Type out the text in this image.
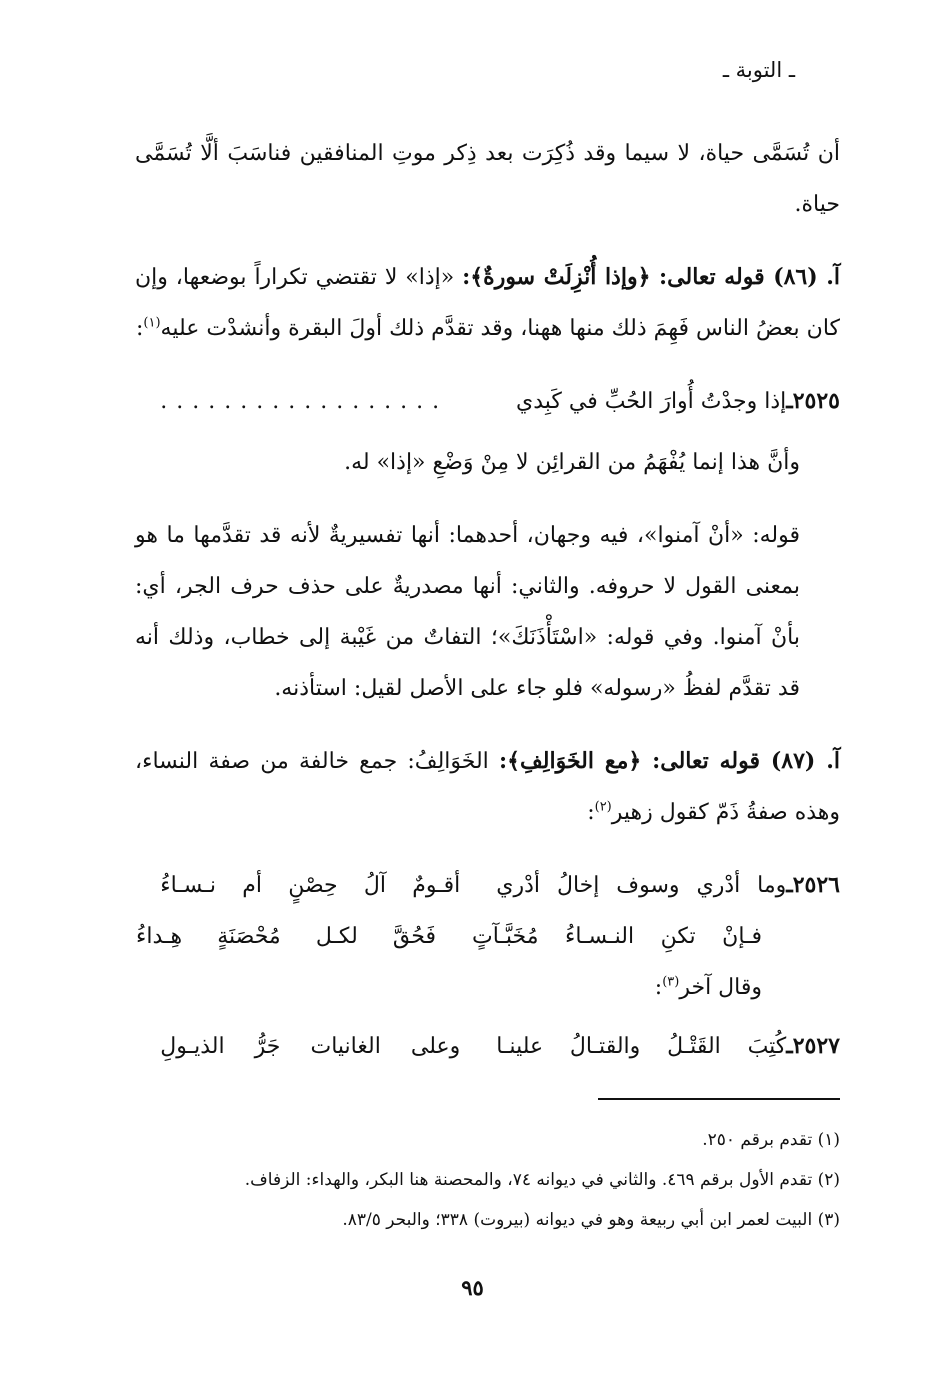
ـ التوبة ـ

أن تُسَمَّى حياة، لا سيما وقد ذُكِرَت بعد ذِكر موتِ المنافقين فناسَبَ ألَّا تُسَمَّى حياة.

آ. (٨٦) قوله تعالى: ﴿وإذا أُنْزِلَتْ سورةٌ﴾: «إذا» لا تقتضي تكراراً بوضعها، وإن كان بعضُ الناس فَهِمَ ذلك منها ههنا، وقد تقدَّم ذلك أولَ البقرة وأنشدْت عليه$^{(١)}$:

٢٥٢٥ـ
إذا وجدْتُ أُوارَ الحُبِّ في كَبِدي
..................

وأنَّ هذا إنما يُفْهَمُ من القرائِن لا مِنْ وَضْعِ «إذا» له.

قوله: «أنْ آمنوا»، فيه وجهان، أحدهما: أنها تفسيريةٌ لأنه قد تقدَّمها ما هو بمعنى القول لا حروفه. والثاني: أنها مصدريةٌ على حذف حرف الجر، أي: بأنْ آمنوا. وفي قوله: «اسْتَأْذَنَكَ»؛ التفاتٌ من غَيْبة إلى خطاب، وذلك أنه قد تقدَّم لفظُ «رسوله» فلو جاء على الأصل لقيل: استأذنه.

آ. (٨٧) قوله تعالى: ﴿مع الخَوَالِفِ﴾: الخَوَالِفُ: جمع خالفة من صفة النساء، وهذه صفةُ ذَمّ كقول زهير$^{(٢)}$:

٢٥٢٦ـ
وما أدْري وسوف إخالُ أدْري
أقـومٌ آلُ حِصْنٍ أم نـسـاءُ
فـإنْ تكنِ النـسـاءُ مُخَبَّـآتٍ
فَحُقَّ لكـل مُحْصَنَةٍ هِـداءُ

وقال آخر$^{(٣)}$:

٢٥٢٧ـ
كُتِبَ القَتْـلُ والقتـالُ علينـا
وعلى الغانيات جَرُّ الذيـولِ

(١) تقدم برقم ٢٥٠.

(٢) تقدم الأول برقم ٤٦٩. والثاني في ديوانه ٧٤، والمحصنة هنا البكر، والهداء: الزفاف.

(٣) البيت لعمر ابن أبي ربيعة وهو في ديوانه (بيروت) ٣٣٨؛ والبحر ٨٣/٥.

٩٥
